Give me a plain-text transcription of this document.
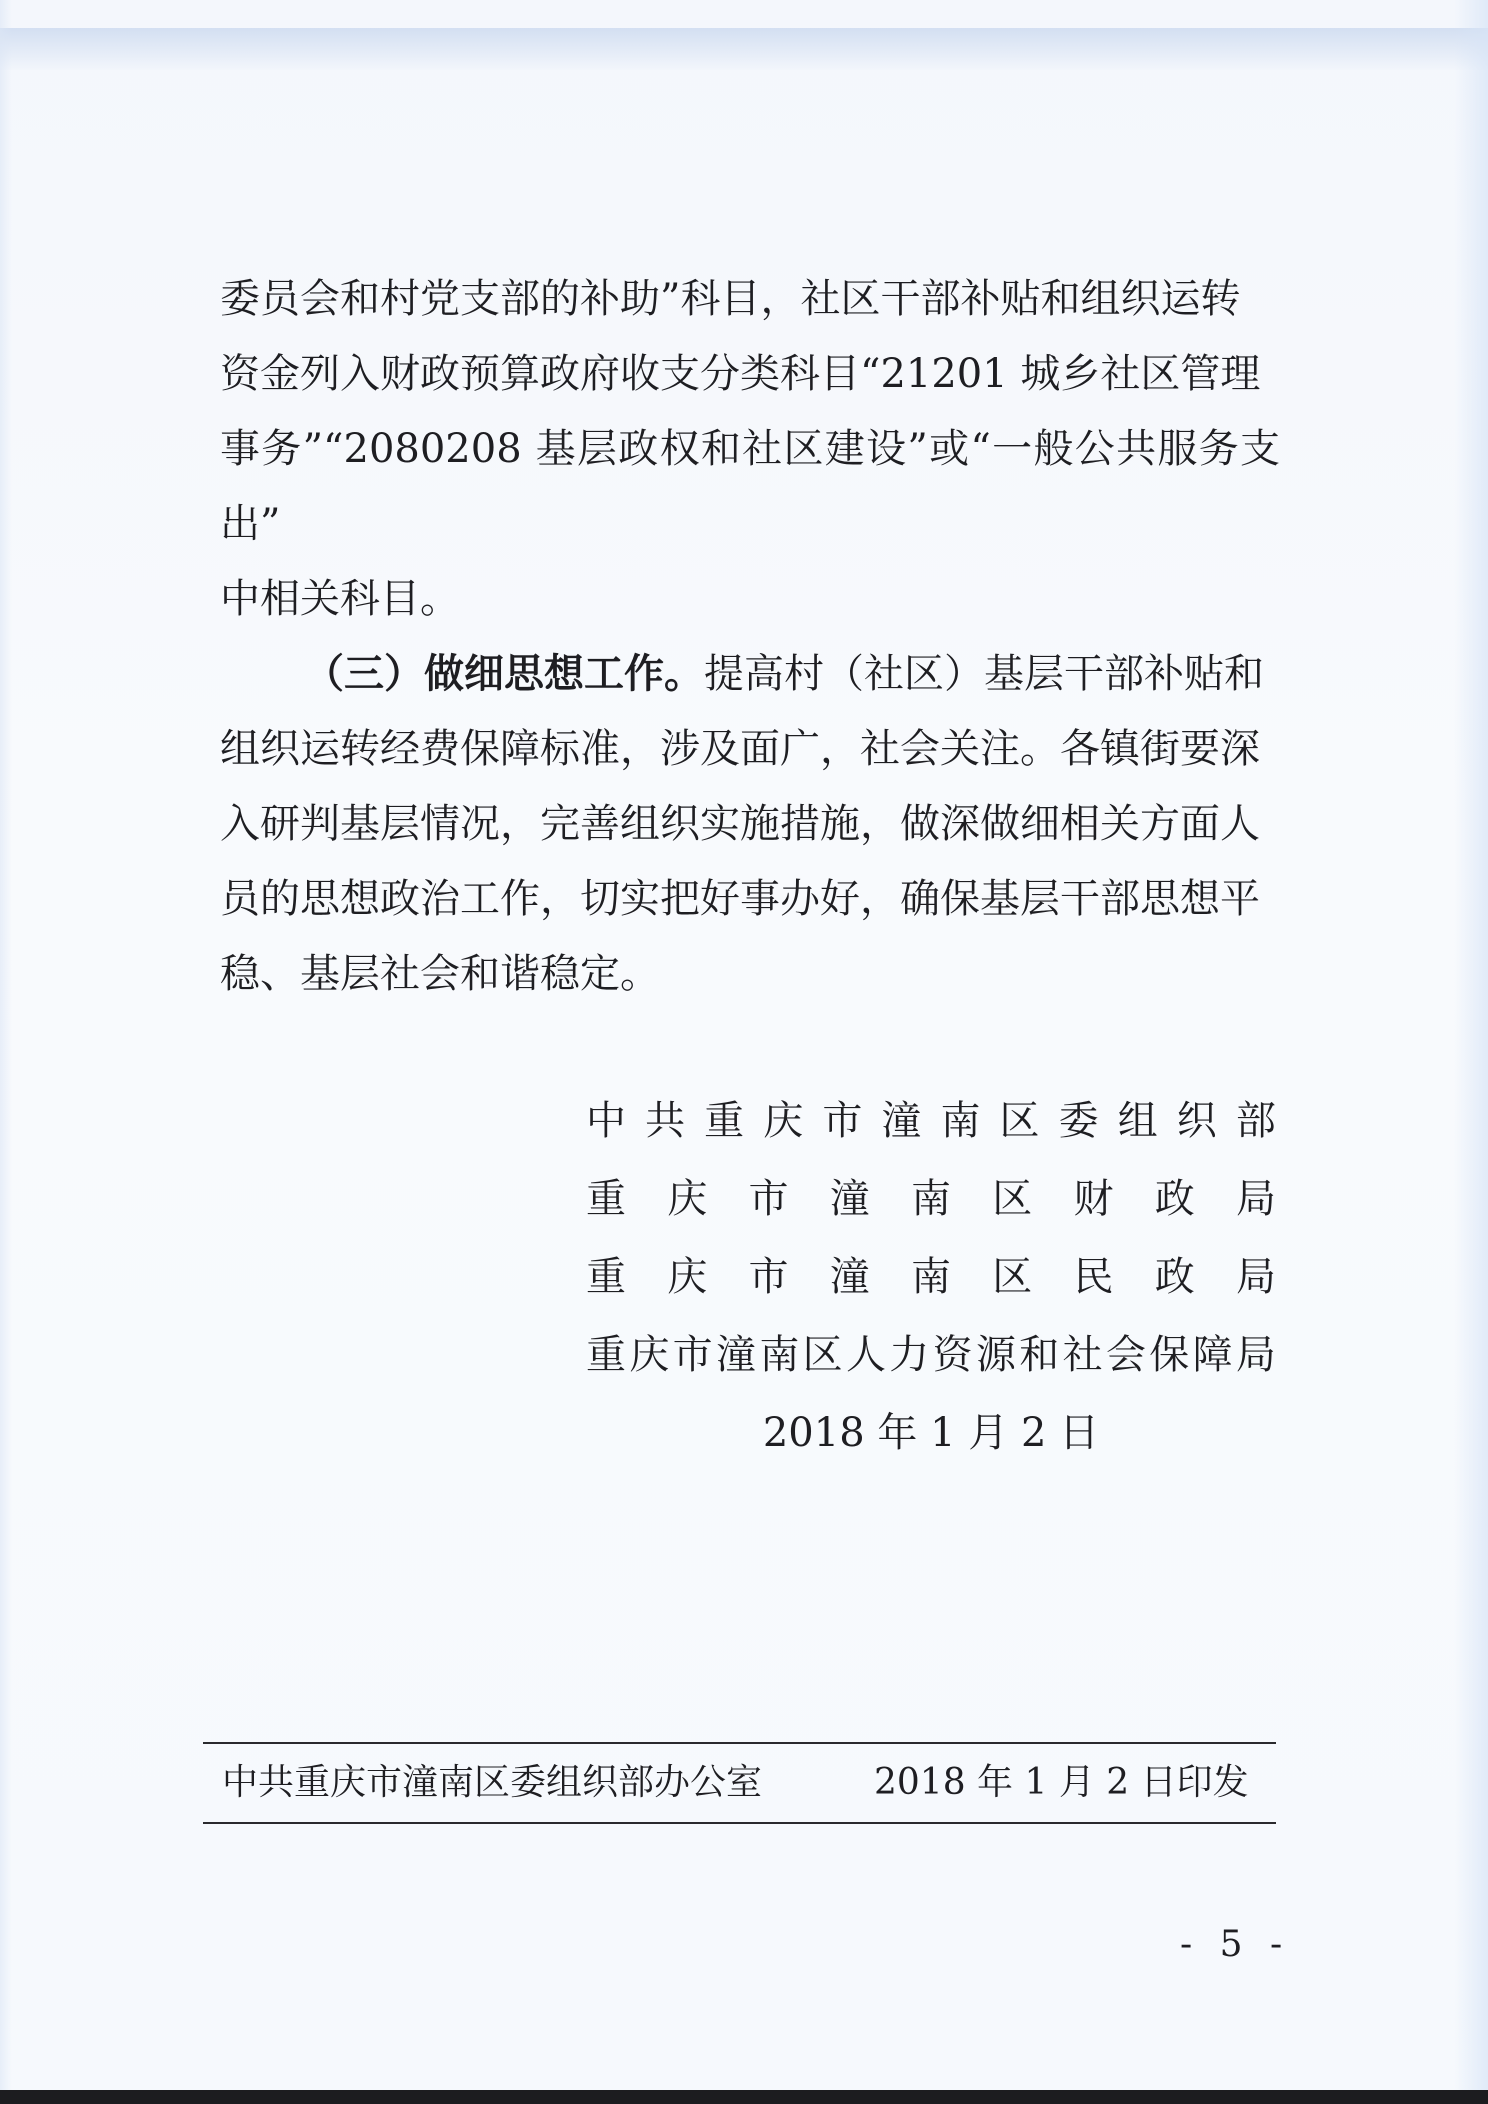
委员会和村党支部的补助”科目，社区干部补贴和组织运转
资金列入财政预算政府收支分类科目“21201 城乡社区管理
事务”“2080208 基层政权和社区建设”或“一般公共服务支出”
中相关科目。

（三）做细思想工作。提高村（社区）基层干部补贴和
组织运转经费保障标准，涉及面广，社会关注。各镇街要深
入研判基层情况，完善组织实施措施，做深做细相关方面人
员的思想政治工作，切实把好事办好，确保基层干部思想平
稳、基层社会和谐稳定。

中 共 重 庆 市 潼 南 区 委 组 织 部
重 庆 市 潼 南 区 财 政 局
重 庆 市 潼 南 区 民 政 局
重 庆 市 潼 南 区 人 力 资 源 和 社 会 保 障 局
2018 年 1 月 2 日
中共重庆市潼南区委组织部办公室	2018 年 1 月 2 日印发
- 5 -
